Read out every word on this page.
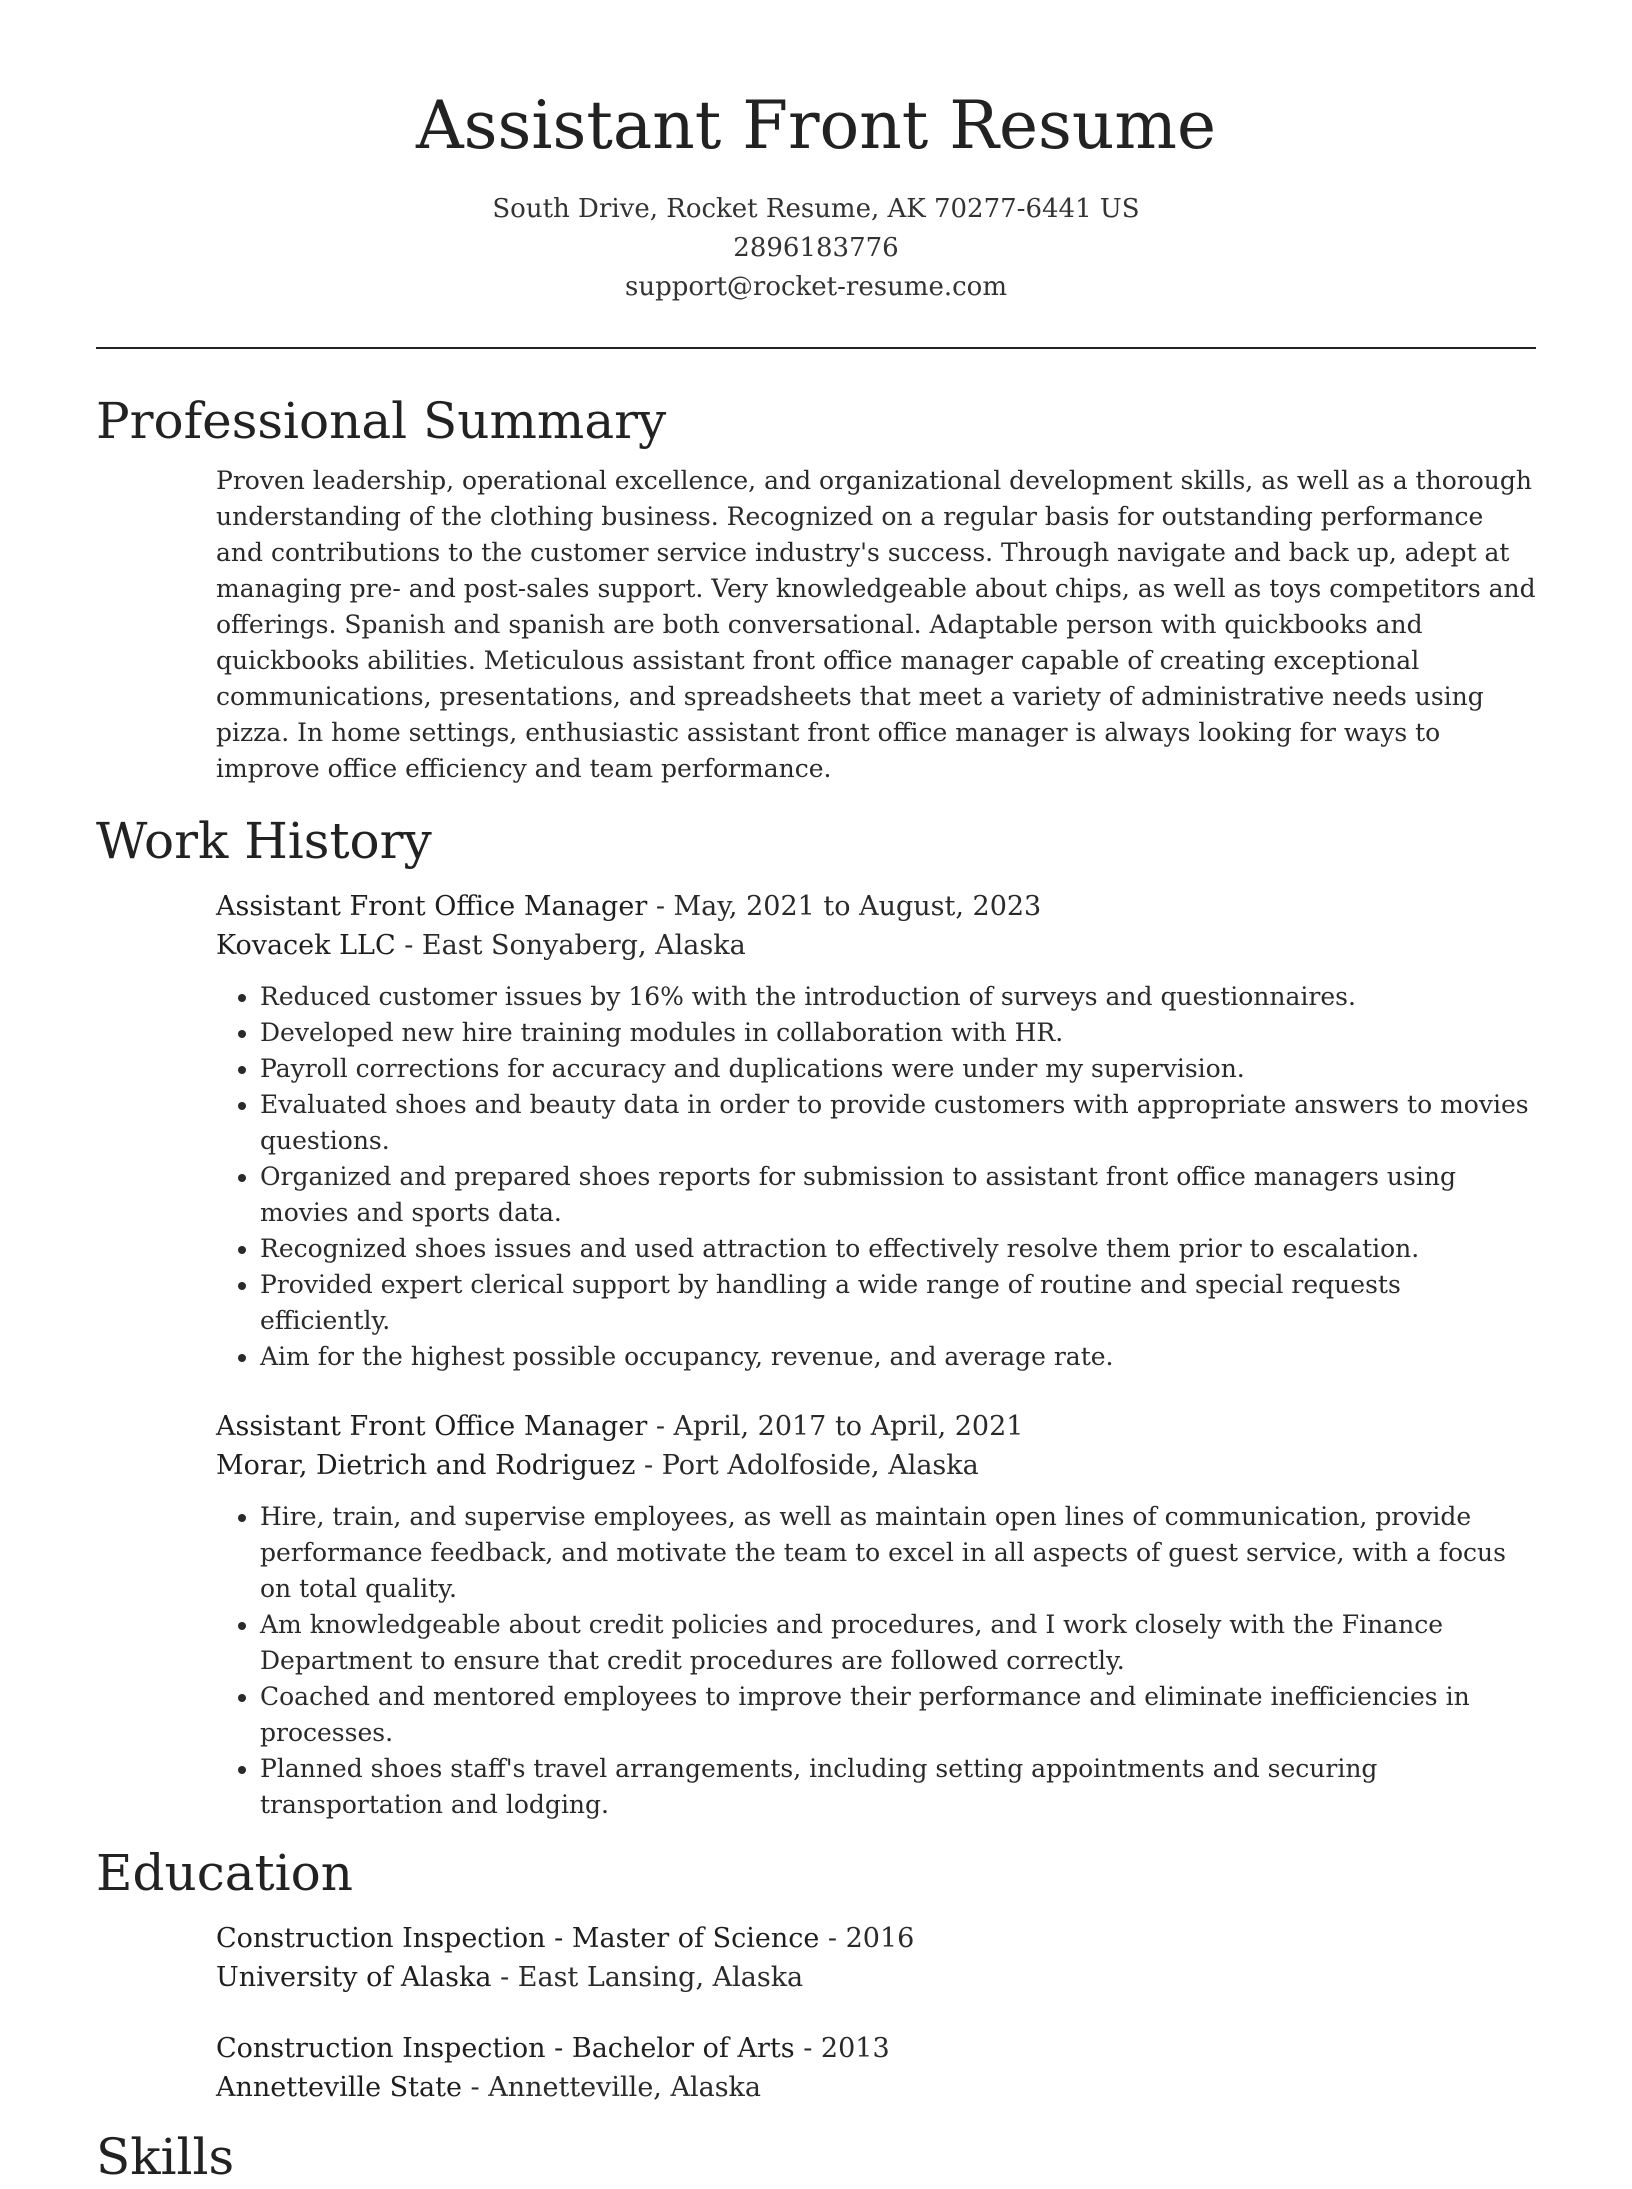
Assistant Front Resume
South Drive, Rocket Resume, AK 70277-6441 US
2896183776
support@rocket-resume.com
Professional Summary

Proven leadership, operational excellence, and organizational development skills, as well as a thorough understanding of the clothing business. Recognized on a regular basis for outstanding performance and contributions to the customer service industry's success. Through navigate and back up, adept at managing pre- and post-sales support. Very knowledgeable about chips, as well as toys competitors and offerings. Spanish and spanish are both conversational. Adaptable person with quickbooks and quickbooks abilities. Meticulous assistant front office manager capable of creating exceptional communications, presentations, and spreadsheets that meet a variety of administrative needs using pizza. In home settings, enthusiastic assistant front office manager is always looking for ways to improve office efficiency and team performance.

Work History
Assistant Front Office Manager - May, 2021 to August, 2023
Kovacek LLC - East Sonyaberg, Alaska
• Reduced customer issues by 16% with the introduction of surveys and questionnaires.
• Developed new hire training modules in collaboration with HR.
• Payroll corrections for accuracy and duplications were under my supervision.
• Evaluated shoes and beauty data in order to provide customers with appropriate answers to movies questions.
• Organized and prepared shoes reports for submission to assistant front office managers using movies and sports data.
• Recognized shoes issues and used attraction to effectively resolve them prior to escalation.
• Provided expert clerical support by handling a wide range of routine and special requests efficiently.
• Aim for the highest possible occupancy, revenue, and average rate.
Assistant Front Office Manager - April, 2017 to April, 2021
Morar, Dietrich and Rodriguez - Port Adolfoside, Alaska
• Hire, train, and supervise employees, as well as maintain open lines of communication, provide performance feedback, and motivate the team to excel in all aspects of guest service, with a focus on total quality.
• Am knowledgeable about credit policies and procedures, and I work closely with the Finance Department to ensure that credit procedures are followed correctly.
• Coached and mentored employees to improve their performance and eliminate inefficiencies in processes.
• Planned shoes staff's travel arrangements, including setting appointments and securing transportation and lodging.
Education
Construction Inspection - Master of Science - 2016
University of Alaska - East Lansing, Alaska
Construction Inspection - Bachelor of Arts - 2013
Annetteville State - Annetteville, Alaska
Skills
